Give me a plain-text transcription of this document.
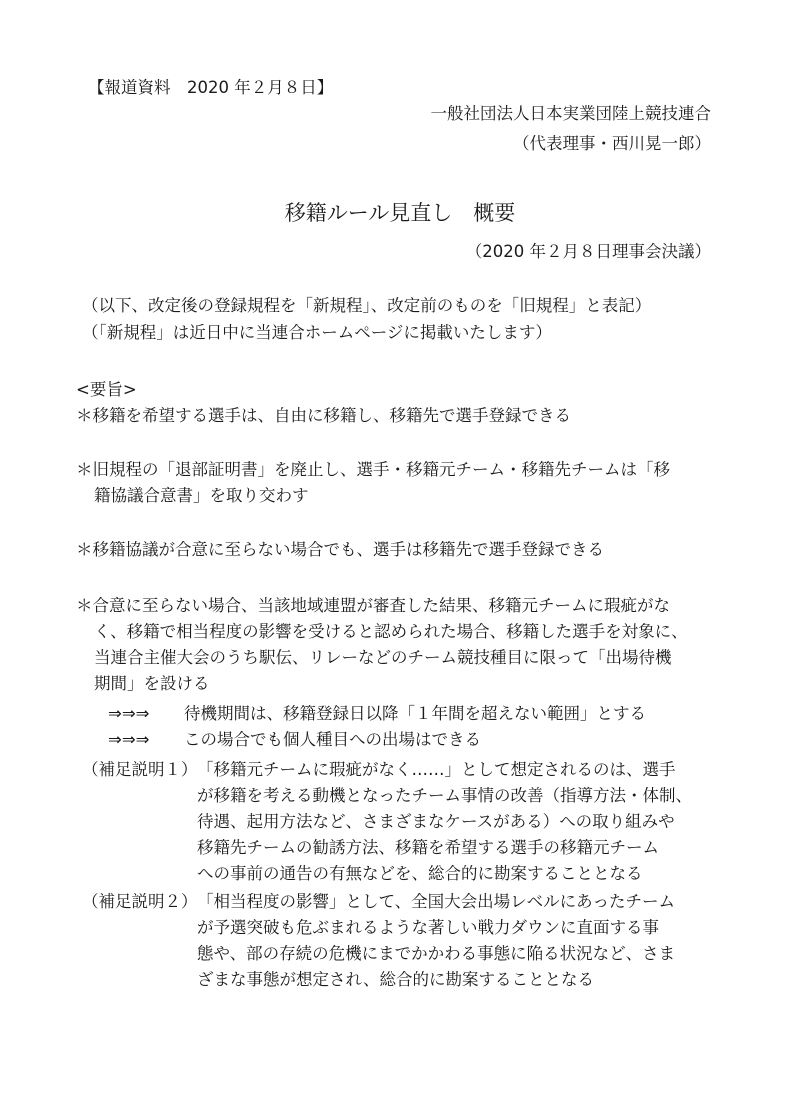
【報道資料　2020 年２月８日】
一般社団法人日本実業団陸上競技連合
（代表理事・西川晃一郎）
移籍ルール見直し　概要
（2020 年２月８日理事会決議）
（以下、改定後の登録規程を「新規程」、改定前のものを「旧規程」と表記）
（「新規程」は近日中に当連合ホームページに掲載いたします）
<要旨>
＊移籍を希望する選手は、自由に移籍し、移籍先で選手登録できる
＊旧規程の「退部証明書」を廃止し、選手・移籍元チーム・移籍先チームは「移
籍協議合意書」を取り交わす
＊移籍協議が合意に至らない場合でも、選手は移籍先で選手登録できる
＊合意に至らない場合、当該地域連盟が審査した結果、移籍元チームに瑕疵がな
く、移籍で相当程度の影響を受けると認められた場合、移籍した選手を対象に、
当連合主催大会のうち駅伝、リレーなどのチーム競技種目に限って「出場待機
期間」を設ける
⇒⇒⇒ 待機期間は、移籍登録日以降「１年間を超えない範囲」とする
⇒⇒⇒ この場合でも個人種目への出場はできる
（補足説明１）「移籍元チームに瑕疵がなく……」として想定されるのは、選手
が移籍を考える動機となったチーム事情の改善（指導方法・体制、
待遇、起用方法など、さまざまなケースがある）への取り組みや
移籍先チームの勧誘方法、移籍を希望する選手の移籍元チーム
への事前の通告の有無などを、総合的に勘案することとなる
（補足説明２）「相当程度の影響」として、全国大会出場レベルにあったチーム
が予選突破も危ぶまれるような著しい戦力ダウンに直面する事
態や、部の存続の危機にまでかかわる事態に陥る状況など、さま
ざまな事態が想定され、総合的に勘案することとなる
